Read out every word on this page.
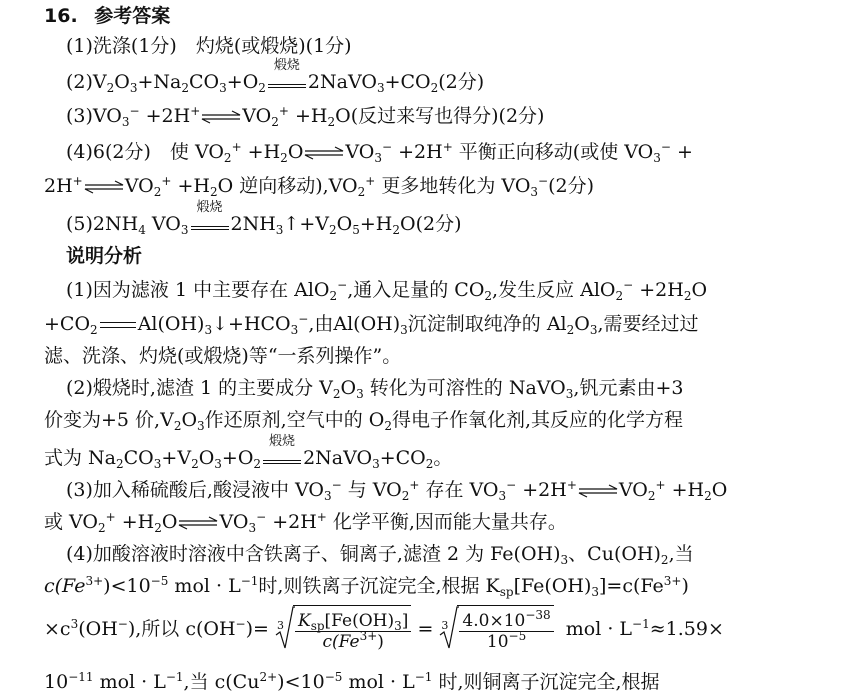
16. 参考答案
(1)洗涤(1分)　灼烧(或煅烧)(1分)
$(2)V_2O_3+Na_2CO_3+O_2$
煅烧
$2NaVO_3+CO_2(2$分)
$(3)VO_3^-$ $+2H^+\rightleftharpoons VO_2^+ +H_2O$(反过来写也得分)(2分)
(4)6(2分)　使 $VO_2^+$ $+H_2O\rightleftharpoons VO_3^- +2H^+$ 平衡正向移动(或使 $VO_3^-$ +
$2H^+\rightleftharpoons VO_2^+ +H_2O$ 逆向移动)$,VO_2^+$ 更多地转化为 $VO_3^-(2$分)
$(5)2NH_4$ $VO_3$
煅烧
$2NH_3↑+V_2O_5+H_2O(2$分)
说明分析
(1)因为滤液 1 中主要存在 AlO$_2$−,通入足量的 $CO_2$,发生反应 $AlO_2^- +2H_2O$
$+CO_2$ $Al(OH)_3↓+HCO_3^-$,由$Al(OH)_3$沉淀制取纯净的 $Al_2O_3$,需要经过过
滤、洗涤、灼烧(或煅烧)等“一系列操作”。
(2)煅烧时,滤渣 1 的主要成分 $V_2O_3$ 转化为可溶性的 NaVO$_3$,钒元素由+3
价变为+5 价$,V_2O_3$作还原剂,空气中的 $O_2$得电子作氧化剂,其反应的化学方程
式为 $Na_2CO_3+V_2O_3+O_2$
煅烧
$2NaVO_3+CO_2$。
(3)加入稀硫酸后,酸浸液中 $VO_3^-$ 与 $VO_2^+$ 存在 $VO_3^-$ $+2H^+\rightleftharpoons VO_2^+ +H_2O$
或 $VO_2^+$ $+H_2O\rightleftharpoons VO_3^- +2H^+$ 化学平衡,因而能大量共存。
(4)加酸溶液时溶液中含铁离子、铜离子,滤渣 2 为 $Fe(OH)_3$、$Cu(OH)_2$,当
$c(Fe^{3+})<10^{-5}$ mol · $L^{-1}$时,则铁离子沉淀完全,根据 $K_{sp}[Fe(OH)_3]=c(Fe^{3+})$
$\times c^3(OH^-)$,所以 $c(OH^-)= 3 \frac{K_{sp}[Fe(OH)_3]}{c(Fe^{3+})} = 3 \frac{4.0\times 10^{-38}}{10^{-5}}$ mol · $L^{-1}\approx 1.59\times$
$10^{-11}$ mol · $L^{-1}$,当 $c(Cu^{2+})<10^{-5}$ mol · $L^{-1}$ 时,则铜离子沉淀完全,根据
